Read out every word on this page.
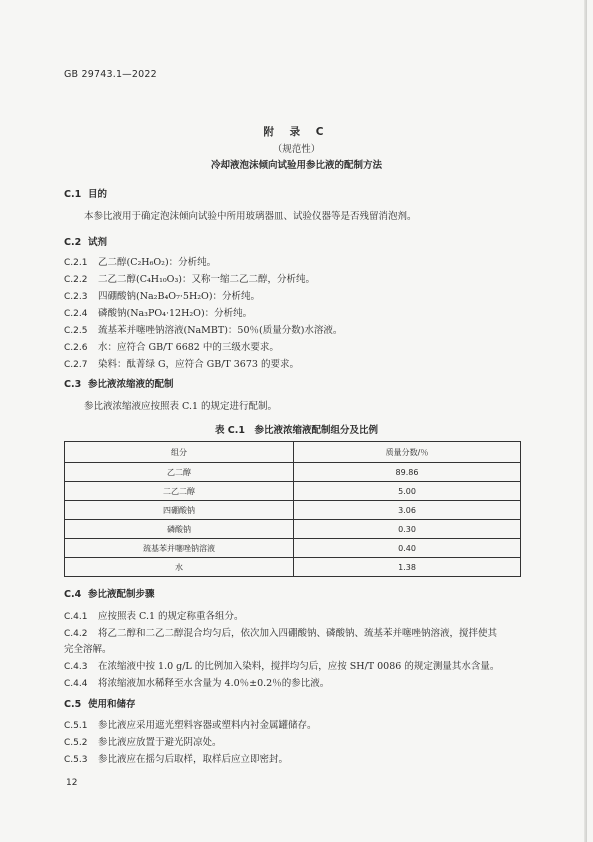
GB 29743.1—2022
附 录 C
（规范性）
冷却液泡沫倾向试验用参比液的配制方法
C.1 目的
本参比液用于确定泡沫倾向试验中所用玻璃器皿、试验仪器等是否残留消泡剂。
C.2 试剂
C.2.1 乙二醇(C₂H₆O₂)：分析纯。
C.2.2 二乙二醇(C₄H₁₀O₃)：又称一缩二乙二醇，分析纯。
C.2.3 四硼酸钠(Na₂B₄O₇·5H₂O)：分析纯。
C.2.4 磷酸钠(Na₃PO₄·12H₂O)：分析纯。
C.2.5 巯基苯并噻唑钠溶液(NaMBT)：50％(质量分数)水溶液。
C.2.6 水：应符合 GB/T 6682 中的三级水要求。
C.2.7 染料：酞菁绿 G，应符合 GB/T 3673 的要求。
C.3 参比液浓缩液的配制
参比液浓缩液应按照表 C.1 的规定进行配制。
表 C.1　参比液浓缩液配制组分及比例
组分	质量分数/％
乙二醇	89.86
二乙二醇	5.00
四硼酸钠	3.06
磷酸钠	0.30
巯基苯并噻唑钠溶液	0.40
水	1.38
C.4 参比液配制步骤
C.4.1 应按照表 C.1 的规定称重各组分。
C.4.2 将乙二醇和二乙二醇混合均匀后，依次加入四硼酸钠、磷酸钠、巯基苯并噻唑钠溶液，搅拌使其
完全溶解。
C.4.3 在浓缩液中按 1.0 g/L 的比例加入染料，搅拌均匀后，应按 SH/T 0086 的规定测量其水含量。
C.4.4 将浓缩液加水稀释至水含量为 4.0％±0.2％的参比液。
C.5 使用和储存
C.5.1 参比液应采用遮光塑料容器或塑料内衬金属罐储存。
C.5.2 参比液应放置于避光阴凉处。
C.5.3 参比液应在摇匀后取样，取样后应立即密封。
12
